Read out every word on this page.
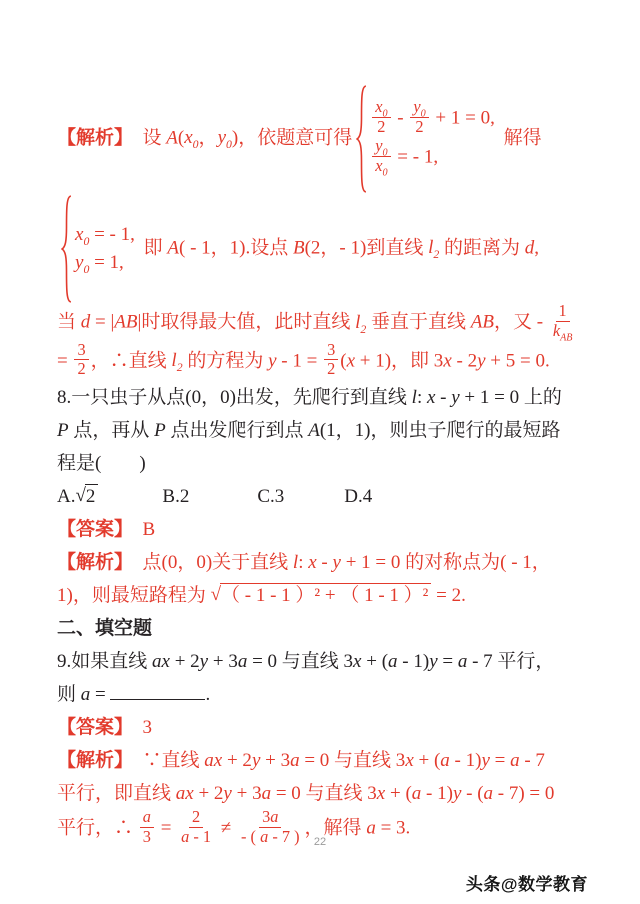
【解析】　设 $A(x_0$，$y_0$)，依题意可得
$\frac{x_0}{2} - \frac{y_0}{2} + 1 = 0$,
$\frac{y_0}{x_0}$ = - 1,
解得
$x_0$ = - 1,
$y_0 = 1$,
即 A( - 1，1).设点 B(2，- 1)到直线 $l_2$ 的距离为 d,
当 d = |AB|时取得最大值，此时直线 $l_2$ 垂直于直线 AB，又 - $\frac{1}{k_{AB}}$
= $\frac{3}{2}$ ，∴直线 $l_2$ 的方程为 $y - 1 = \frac{3}{2} (x + 1)$，即 3x - 2y + 5 = 0.
8.一只虫子从点(0，0)出发，先爬行到直线 l: x - y + 1 = 0 上的
P 点，再从 P 点出发爬行到点 A(1，1)，则虫子爬行的最短路
程是(　　)
A. √ 2	B.2	C.3	D.4
【答案】　B
【解析】　点(0，0)关于直线 l: x - y + 1 = 0 的对称点为( - 1，
1)，则最短路程为 √ （ - 1 - 1 ）² + （ 1 - 1 ）² = 2.
二、填空题
9.如果直线 ax + 2y + 3a = 0 与直线 3x + (a - 1)y = a - 7 平行，
则 a =	.
【答案】　3
【解析】　∵直线 ax + 2y + 3a = 0 与直线 3x + (a - 1)y = a - 7
平行，即直线 ax + 2y + 3a = 0 与直线 3x + (a - 1)y - (a - 7) = 0
平行，∴ $\frac{a}{3} = \frac{2}{a - 1} \ne \frac{3a}{- ( a - 7 )}$ ，解得 a = 3.
22
头条@数学教育
